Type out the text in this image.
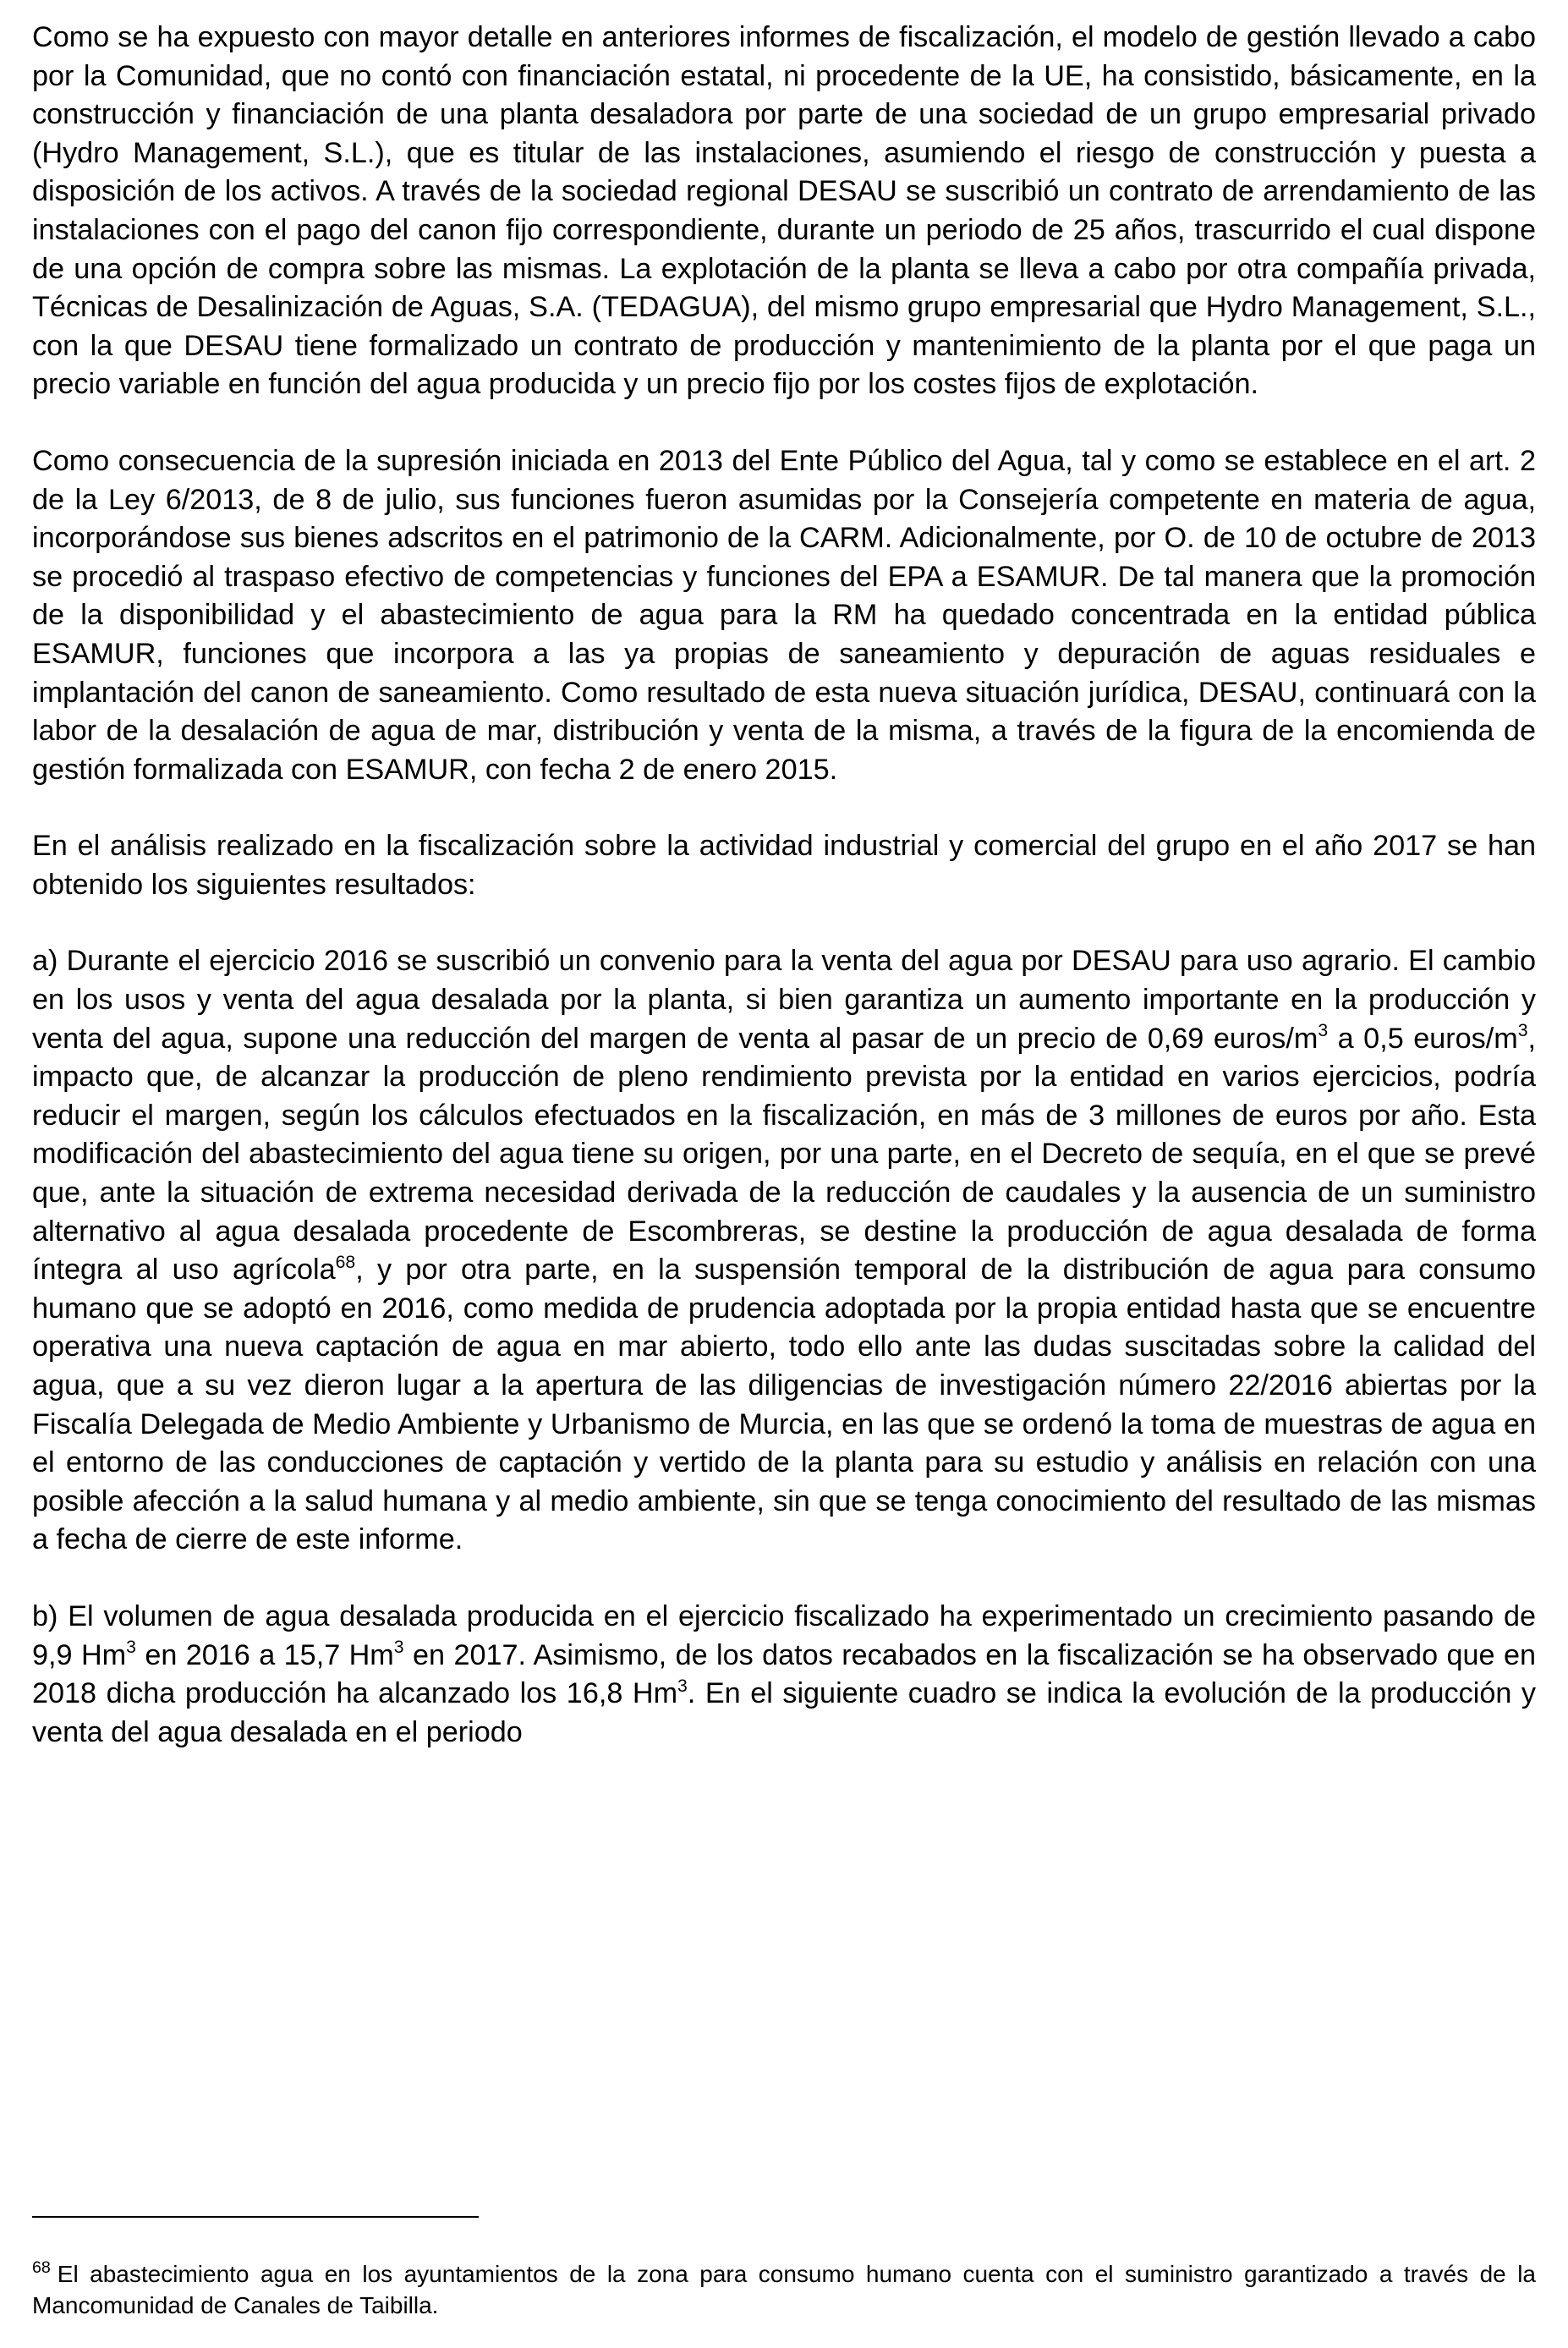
Como se ha expuesto con mayor detalle en anteriores informes de fiscalización, el modelo de gestión llevado a cabo por la Comunidad, que no contó con financiación estatal, ni procedente de la UE, ha consistido, básicamente, en la construcción y financiación de una planta desaladora por parte de una sociedad de un grupo empresarial privado (Hydro Management, S.L.), que es titular de las instalaciones, asumiendo el riesgo de construcción y puesta a disposición de los activos. A través de la sociedad regional DESAU se suscribió un contrato de arrendamiento de las instalaciones con el pago del canon fijo correspondiente, durante un periodo de 25 años, trascurrido el cual dispone de una opción de compra sobre las mismas. La explotación de la planta se lleva a cabo por otra compañía privada, Técnicas de Desalinización de Aguas, S.A. (TEDAGUA), del mismo grupo empresarial que Hydro Management, S.L., con la que DESAU tiene formalizado un contrato de producción y mantenimiento de la planta por el que paga un precio variable en función del agua producida y un precio fijo por los costes fijos de explotación.

Como consecuencia de la supresión iniciada en 2013 del Ente Público del Agua, tal y como se establece en el art. 2 de la Ley 6/2013, de 8 de julio, sus funciones fueron asumidas por la Consejería competente en materia de agua, incorporándose sus bienes adscritos en el patrimonio de la CARM. Adicionalmente, por O. de 10 de octubre de 2013 se procedió al traspaso efectivo de competencias y funciones del EPA a ESAMUR. De tal manera que la promoción de la disponibilidad y el abastecimiento de agua para la RM ha quedado concentrada en la entidad pública ESAMUR, funciones que incorpora a las ya propias de saneamiento y depuración de aguas residuales e implantación del canon de saneamiento. Como resultado de esta nueva situación jurídica, DESAU, continuará con la labor de la desalación de agua de mar, distribución y venta de la misma, a través de la figura de la encomienda de gestión formalizada con ESAMUR, con fecha 2 de enero 2015.

En el análisis realizado en la fiscalización sobre la actividad industrial y comercial del grupo en el año 2017 se han obtenido los siguientes resultados:

a) Durante el ejercicio 2016 se suscribió un convenio para la venta del agua por DESAU para uso agrario. El cambio en los usos y venta del agua desalada por la planta, si bien garantiza un aumento importante en la producción y venta del agua, supone una reducción del margen de venta al pasar de un precio de 0,69 euros/$m^3$ a 0,5 euros/$m^3$, impacto que, de alcanzar la producción de pleno rendimiento prevista por la entidad en varios ejercicios, podría reducir el margen, según los cálculos efectuados en la fiscalización, en más de 3 millones de euros por año. Esta modificación del abastecimiento del agua tiene su origen, por una parte, en el Decreto de sequía, en el que se prevé que, ante la situación de extrema necesidad derivada de la reducción de caudales y la ausencia de un suministro alternativo al agua desalada procedente de Escombreras, se destine la producción de agua desalada de forma íntegra al uso agrícola$^{68}$, y por otra parte, en la suspensión temporal de la distribución de agua para consumo humano que se adoptó en 2016, como medida de prudencia adoptada por la propia entidad hasta que se encuentre operativa una nueva captación de agua en mar abierto, todo ello ante las dudas suscitadas sobre la calidad del agua, que a su vez dieron lugar a la apertura de las diligencias de investigación número 22/2016 abiertas por la Fiscalía Delegada de Medio Ambiente y Urbanismo de Murcia, en las que se ordenó la toma de muestras de agua en el entorno de las conducciones de captación y vertido de la planta para su estudio y análisis en relación con una posible afección a la salud humana y al medio ambiente, sin que se tenga conocimiento del resultado de las mismas a fecha de cierre de este informe.

b) El volumen de agua desalada producida en el ejercicio fiscalizado ha experimentado un crecimiento pasando de 9,9 Hm$^3$ en 2016 a 15,7 Hm$^3$ en 2017. Asimismo, de los datos recabados en la fiscalización se ha observado que en 2018 dicha producción ha alcanzado los 16,8 Hm$^3$. En el siguiente cuadro se indica la evolución de la producción y venta del agua desalada en el periodo

$^{68}$ El abastecimiento agua en los ayuntamientos de la zona para consumo humano cuenta con el suministro garantizado a través de la Mancomunidad de Canales de Taibilla.
